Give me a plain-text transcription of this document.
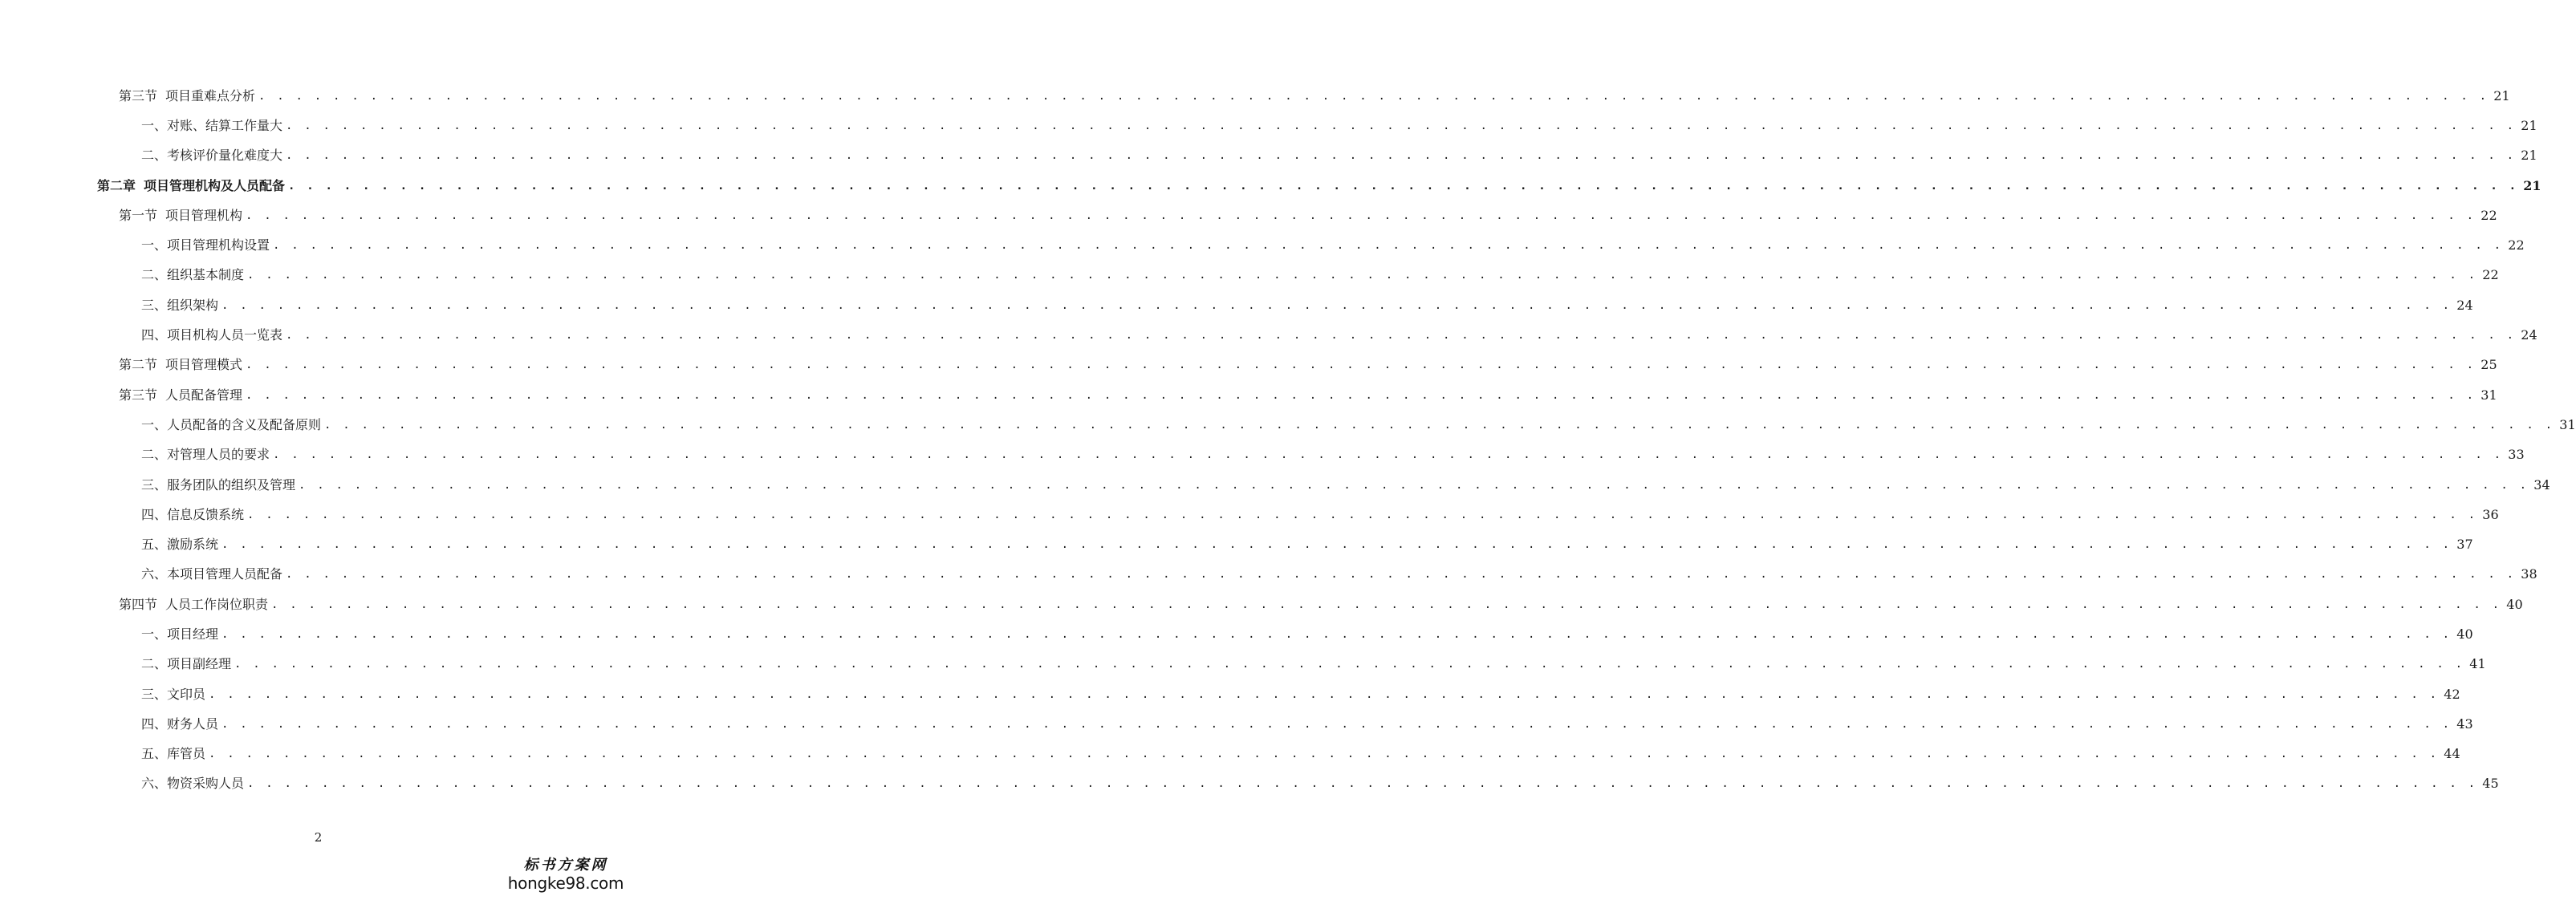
第三节 项目重难点分析 . . . . . . . . . . . . . . . . . . . . . . . . . . . . . . . . . . . . . . . . . . . . . . . . . . . . . . . . . . . . . . . . . . . . . . . . . . . . . . . . . . . . . . . . . . . . . . . . . . . . . . . . . . . . . . . . . . . . . . . . 21
一、对账、结算工作量大 . . . . . . . . . . . . . . . . . . . . . . . . . . . . . . . . . . . . . . . . . . . . . . . . . . . . . . . . . . . . . . . . . . . . . . . . . . . . . . . . . . . . . . . . . . . . . . . . . . . . . . . . . . . . . . . . . . . . . . . . 21
二、考核评价量化难度大 . . . . . . . . . . . . . . . . . . . . . . . . . . . . . . . . . . . . . . . . . . . . . . . . . . . . . . . . . . . . . . . . . . . . . . . . . . . . . . . . . . . . . . . . . . . . . . . . . . . . . . . . . . . . . . . . . . . . . . . . 21
第二章 项目管理机构及人员配备 . . . . . . . . . . . . . . . . . . . . . . . . . . . . . . . . . . . . . . . . . . . . . . . . . . . . . . . . . . . . . . . . . . . . . . . . . . . . . . . . . . . . . . . . . . . . . . . . . . . . . . . . . . . . . . . . . . . . . . . . 21
第一节 项目管理机构 . . . . . . . . . . . . . . . . . . . . . . . . . . . . . . . . . . . . . . . . . . . . . . . . . . . . . . . . . . . . . . . . . . . . . . . . . . . . . . . . . . . . . . . . . . . . . . . . . . . . . . . . . . . . . . . . . . . . . . . . 22
一、项目管理机构设置 . . . . . . . . . . . . . . . . . . . . . . . . . . . . . . . . . . . . . . . . . . . . . . . . . . . . . . . . . . . . . . . . . . . . . . . . . . . . . . . . . . . . . . . . . . . . . . . . . . . . . . . . . . . . . . . . . . . . . . . . 22
二、组织基本制度 . . . . . . . . . . . . . . . . . . . . . . . . . . . . . . . . . . . . . . . . . . . . . . . . . . . . . . . . . . . . . . . . . . . . . . . . . . . . . . . . . . . . . . . . . . . . . . . . . . . . . . . . . . . . . . . . . . . . . . . . 22
三、组织架构 . . . . . . . . . . . . . . . . . . . . . . . . . . . . . . . . . . . . . . . . . . . . . . . . . . . . . . . . . . . . . . . . . . . . . . . . . . . . . . . . . . . . . . . . . . . . . . . . . . . . . . . . . . . . . . . . . . . . . . . . 24
四、项目机构人员一览表 . . . . . . . . . . . . . . . . . . . . . . . . . . . . . . . . . . . . . . . . . . . . . . . . . . . . . . . . . . . . . . . . . . . . . . . . . . . . . . . . . . . . . . . . . . . . . . . . . . . . . . . . . . . . . . . . . . . . . . . . 24
第二节 项目管理模式 . . . . . . . . . . . . . . . . . . . . . . . . . . . . . . . . . . . . . . . . . . . . . . . . . . . . . . . . . . . . . . . . . . . . . . . . . . . . . . . . . . . . . . . . . . . . . . . . . . . . . . . . . . . . . . . . . . . . . . . . 25
第三节 人员配备管理 . . . . . . . . . . . . . . . . . . . . . . . . . . . . . . . . . . . . . . . . . . . . . . . . . . . . . . . . . . . . . . . . . . . . . . . . . . . . . . . . . . . . . . . . . . . . . . . . . . . . . . . . . . . . . . . . . . . . . . . . 31
一、人员配备的含义及配备原则 . . . . . . . . . . . . . . . . . . . . . . . . . . . . . . . . . . . . . . . . . . . . . . . . . . . . . . . . . . . . . . . . . . . . . . . . . . . . . . . . . . . . . . . . . . . . . . . . . . . . . . . . . . . . . . . . . . . . . . . . 31
二、对管理人员的要求 . . . . . . . . . . . . . . . . . . . . . . . . . . . . . . . . . . . . . . . . . . . . . . . . . . . . . . . . . . . . . . . . . . . . . . . . . . . . . . . . . . . . . . . . . . . . . . . . . . . . . . . . . . . . . . . . . . . . . . . . 33
三、服务团队的组织及管理 . . . . . . . . . . . . . . . . . . . . . . . . . . . . . . . . . . . . . . . . . . . . . . . . . . . . . . . . . . . . . . . . . . . . . . . . . . . . . . . . . . . . . . . . . . . . . . . . . . . . . . . . . . . . . . . . . . . . . . . . 34
四、信息反馈系统 . . . . . . . . . . . . . . . . . . . . . . . . . . . . . . . . . . . . . . . . . . . . . . . . . . . . . . . . . . . . . . . . . . . . . . . . . . . . . . . . . . . . . . . . . . . . . . . . . . . . . . . . . . . . . . . . . . . . . . . . 36
五、激励系统 . . . . . . . . . . . . . . . . . . . . . . . . . . . . . . . . . . . . . . . . . . . . . . . . . . . . . . . . . . . . . . . . . . . . . . . . . . . . . . . . . . . . . . . . . . . . . . . . . . . . . . . . . . . . . . . . . . . . . . . . 37
六、本项目管理人员配备 . . . . . . . . . . . . . . . . . . . . . . . . . . . . . . . . . . . . . . . . . . . . . . . . . . . . . . . . . . . . . . . . . . . . . . . . . . . . . . . . . . . . . . . . . . . . . . . . . . . . . . . . . . . . . . . . . . . . . . . . 38
第四节 人员工作岗位职责 . . . . . . . . . . . . . . . . . . . . . . . . . . . . . . . . . . . . . . . . . . . . . . . . . . . . . . . . . . . . . . . . . . . . . . . . . . . . . . . . . . . . . . . . . . . . . . . . . . . . . . . . . . . . . . . . . . . . . . . . 40
一、项目经理 . . . . . . . . . . . . . . . . . . . . . . . . . . . . . . . . . . . . . . . . . . . . . . . . . . . . . . . . . . . . . . . . . . . . . . . . . . . . . . . . . . . . . . . . . . . . . . . . . . . . . . . . . . . . . . . . . . . . . . . . 40
二、项目副经理 . . . . . . . . . . . . . . . . . . . . . . . . . . . . . . . . . . . . . . . . . . . . . . . . . . . . . . . . . . . . . . . . . . . . . . . . . . . . . . . . . . . . . . . . . . . . . . . . . . . . . . . . . . . . . . . . . . . . . . . . 41
三、文印员 . . . . . . . . . . . . . . . . . . . . . . . . . . . . . . . . . . . . . . . . . . . . . . . . . . . . . . . . . . . . . . . . . . . . . . . . . . . . . . . . . . . . . . . . . . . . . . . . . . . . . . . . . . . . . . . . . . . . . . . . 42
四、财务人员 . . . . . . . . . . . . . . . . . . . . . . . . . . . . . . . . . . . . . . . . . . . . . . . . . . . . . . . . . . . . . . . . . . . . . . . . . . . . . . . . . . . . . . . . . . . . . . . . . . . . . . . . . . . . . . . . . . . . . . . . 43
五、库管员 . . . . . . . . . . . . . . . . . . . . . . . . . . . . . . . . . . . . . . . . . . . . . . . . . . . . . . . . . . . . . . . . . . . . . . . . . . . . . . . . . . . . . . . . . . . . . . . . . . . . . . . . . . . . . . . . . . . . . . . . 44
六、物资采购人员 . . . . . . . . . . . . . . . . . . . . . . . . . . . . . . . . . . . . . . . . . . . . . . . . . . . . . . . . . . . . . . . . . . . . . . . . . . . . . . . . . . . . . . . . . . . . . . . . . . . . . . . . . . . . . . . . . . . . . . . . 45
2
标书方案网
hongke98.com
